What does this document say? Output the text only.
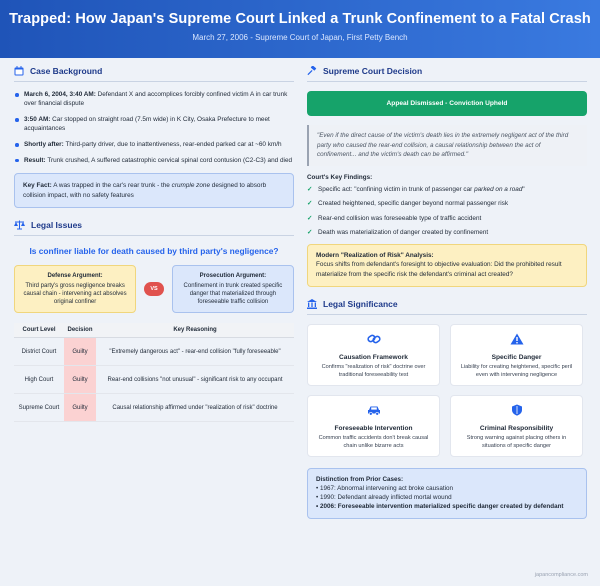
Trapped: How Japan's Supreme Court Linked a Trunk Confinement to a Fatal Crash
March 27, 2006 - Supreme Court of Japan, First Petty Bench
Case Background
March 6, 2004, 3:40 AM: Defendant X and accomplices forcibly confined victim A in car trunk over financial dispute
3:50 AM: Car stopped on straight road (7.5m wide) in K City, Osaka Prefecture to meet acquaintances
Shortly after: Third-party driver, due to inattentiveness, rear-ended parked car at ~60 km/h
Result: Trunk crushed, A suffered catastrophic cervical spinal cord contusion (C2-C3) and died
Key Fact: A was trapped in the car's rear trunk - the crumple zone designed to absorb collision impact, with no safety features
Legal Issues
Is confiner liable for death caused by third party's negligence?
Defense Argument:
Third party's gross negligence breaks causal chain - intervening act absolves original confiner
VS
Prosecution Argument:
Confinement in trunk created specific danger that materialized through foreseeable traffic collision
Court Level	Decision	Key Reasoning
District Court	Guilty	"Extremely dangerous act" - rear-end collision "fully foreseeable"
High Court	Guilty	Rear-end collisions "not unusual" - significant risk to any occupant
Supreme Court	Guilty	Causal relationship affirmed under "realization of risk" doctrine
Supreme Court Decision
Appeal Dismissed - Conviction Upheld
"Even if the direct cause of the victim's death lies in the extremely negligent act of the third party who caused the rear-end collision, a causal relationship between the act of confinement... and the victim's death can be affirmed."
Court's Key Findings:
✓ Specific act: "confining victim in trunk of passenger car parked on a road"
✓ Created heightened, specific danger beyond normal passenger risk
✓ Rear-end collision was foreseeable type of traffic accident
✓ Death was materialization of danger created by confinement
Modern "Realization of Risk" Analysis:
Focus shifts from defendant's foresight to objective evaluation: Did the prohibited result materialize from the specific risk the defendant's criminal act created?
Legal Significance
Causation Framework
Confirms "realization of risk" doctrine over traditional foreseeability test
Specific Danger
Liability for creating heightened, specific peril even with intervening negligence
Foreseeable Intervention
Common traffic accidents don't break causal chain unlike bizarre acts
Criminal Responsibility
Strong warning against placing others in situations of specific danger
Distinction from Prior Cases:
• 1967: Abnormal intervening act broke causation
• 1990: Defendant already inflicted mortal wound
• 2006: Foreseeable intervention materialized specific danger created by defendant
japancompliance.com
